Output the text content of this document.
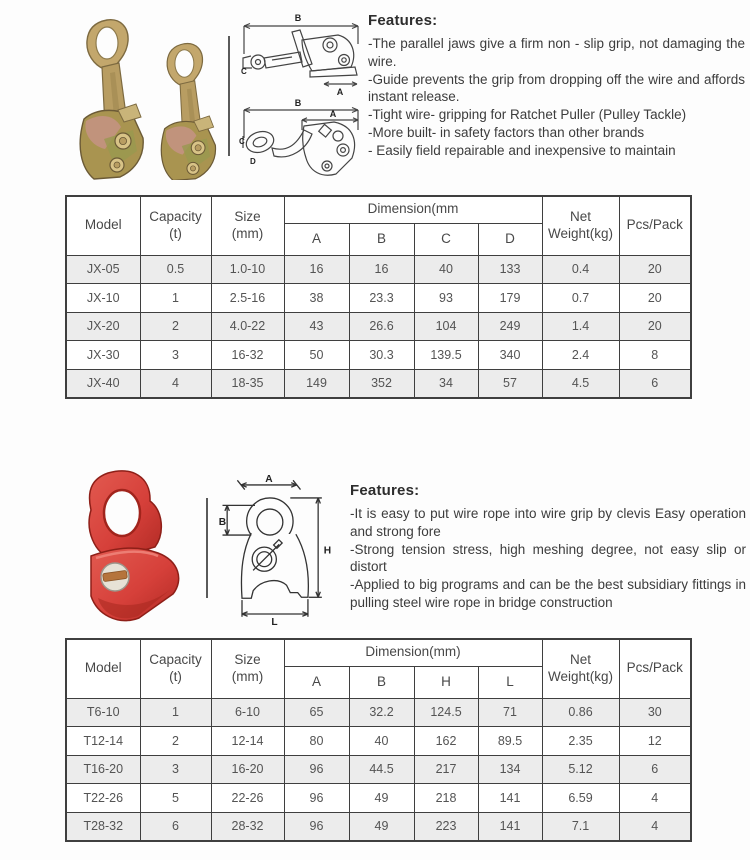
B
A
C
B
A
C
D
Features:
-The parallel jaws give a firm non - slip grip, not damaging the wire.
-Guide prevents the grip from dropping off the wire and affords instant release.
-Tight wire- gripping for Ratchet Puller (Pulley Tackle)
-More built- in safety factors than other brands
- Easily field repairable and inexpensive to maintain
Model	
Capacity
(t)

Size
(mm)
	Dimension(mm	
Net
Weight(kg)
	Pcs/Pack
			A	B	C	D		
JX-05	0.5	1.0-10	16	16	40	133	0.4	20
JX-10	1	2.5-16	38	23.3	93	179	0.7	20
JX-20	2	4.0-22	43	26.6	104	249	1.4	20
JX-30	3	16-32	50	30.3	139.5	340	2.4	8
JX-40	4	18-35	149	352	34	57	4.5	6
A
B
H
L
Features:
-It is easy to put wire rope into wire grip by clevis Easy operation and strong fore
-Strong tension stress, high meshing degree, not easy slip or distort
-Applied to big programs and can be the best subsidiary fittings in pulling steel wire rope in bridge construction
Model	
Capacity
(t)

Size
(mm)
	Dimension(mm)	
Net
Weight(kg)
	Pcs/Pack
			A	B	H	L		
T6-10	1	6-10	65	32.2	124.5	71	0.86	30
T12-14	2	12-14	80	40	162	89.5	2.35	12
T16-20	3	16-20	96	44.5	217	134	5.12	6
T22-26	5	22-26	96	49	218	141	6.59	4
T28-32	6	28-32	96	49	223	141	7.1	4
